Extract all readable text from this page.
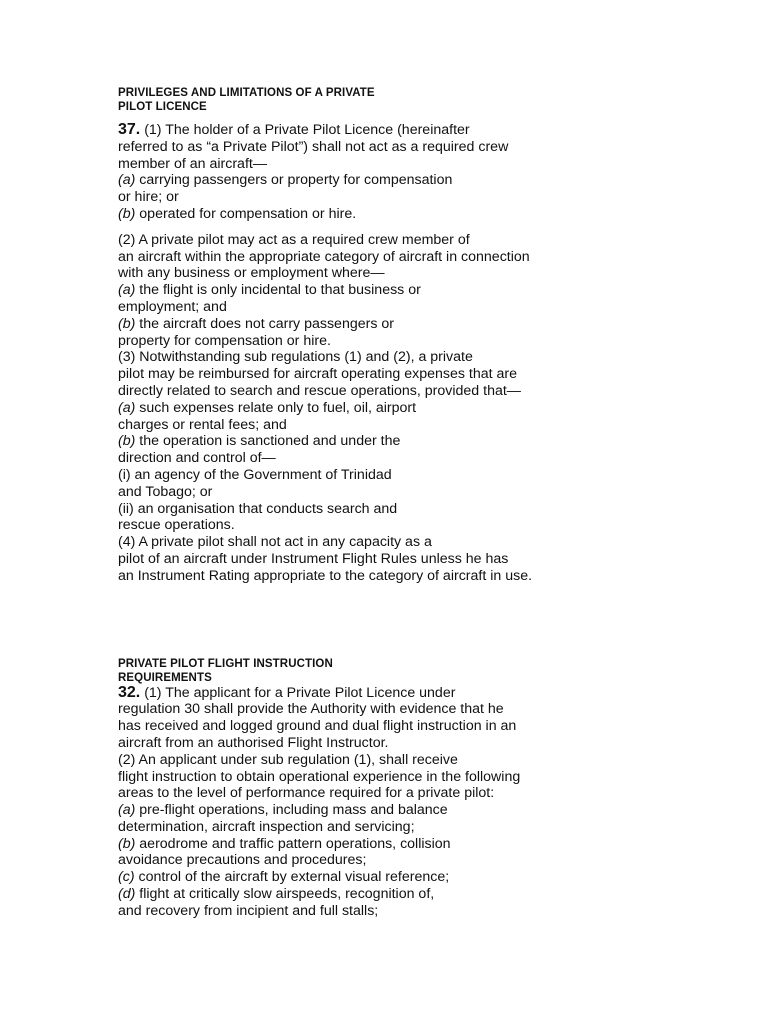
PRIVILEGES AND LIMITATIONS OF A PRIVATE
PILOT LICENCE
37. (1) The holder of a Private Pilot Licence (hereinafter
referred to as “a Private Pilot”) shall not act as a required crew
member of an aircraft—
(a) carrying passengers or property for compensation
or hire; or
(b) operated for compensation or hire.
(2) A private pilot may act as a required crew member of
an aircraft within the appropriate category of aircraft in connection
with any business or employment where—
(a) the flight is only incidental to that business or
employment; and
(b) the aircraft does not carry passengers or
property for compensation or hire.
(3) Notwithstanding sub regulations (1) and (2), a private
pilot may be reimbursed for aircraft operating expenses that are
directly related to search and rescue operations, provided that—
(a) such expenses relate only to fuel, oil, airport
charges or rental fees; and
(b) the operation is sanctioned and under the
direction and control of—
(i) an agency of the Government of Trinidad
and Tobago; or
(ii) an organisation that conducts search and
rescue operations.
(4) A private pilot shall not act in any capacity as a
pilot of an aircraft under Instrument Flight Rules unless he has
an Instrument Rating appropriate to the category of aircraft in use.
PRIVATE PILOT FLIGHT INSTRUCTION
REQUIREMENTS
32. (1) The applicant for a Private Pilot Licence under
regulation 30 shall provide the Authority with evidence that he
has received and logged ground and dual flight instruction in an
aircraft from an authorised Flight Instructor.
(2) An applicant under sub regulation (1), shall receive
flight instruction to obtain operational experience in the following
areas to the level of performance required for a private pilot:
(a) pre-flight operations, including mass and balance
determination, aircraft inspection and servicing;
(b) aerodrome and traffic pattern operations, collision
avoidance precautions and procedures;
(c) control of the aircraft by external visual reference;
(d) flight at critically slow airspeeds, recognition of,
and recovery from incipient and full stalls;
